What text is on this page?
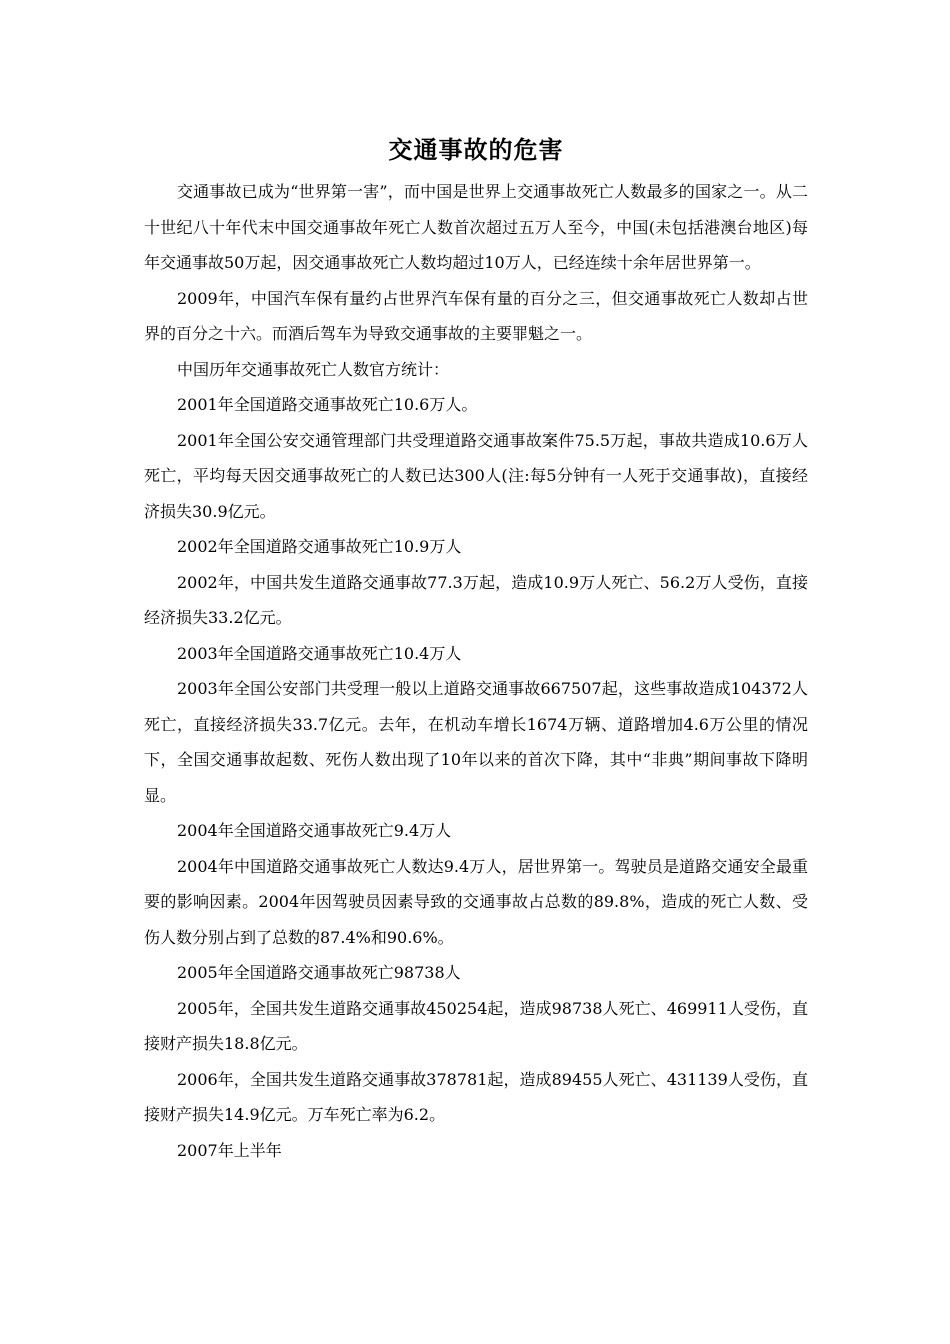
交通事故的危害

交通事故已成为“世界第一害”，而中国是世界上交通事故死亡人数最多的国家之一。从二十世纪八十年代末中国交通事故年死亡人数首次超过五万人至今，中国(未包括港澳台地区)每年交通事故50万起，因交通事故死亡人数均超过10万人，已经连续十余年居世界第一。

2009年，中国汽车保有量约占世界汽车保有量的百分之三，但交通事故死亡人数却占世界的百分之十六。而酒后驾车为导致交通事故的主要罪魁之一。

中国历年交通事故死亡人数官方统计：

2001年全国道路交通事故死亡10.6万人。

2001年全国公安交通管理部门共受理道路交通事故案件75.5万起，事故共造成10.6万人死亡，平均每天因交通事故死亡的人数已达300人(注:每5分钟有一人死于交通事故)，直接经济损失30.9亿元。

2002年全国道路交通事故死亡10.9万人

2002年，中国共发生道路交通事故77.3万起，造成10.9万人死亡、56.2万人受伤，直接经济损失33.2亿元。

2003年全国道路交通事故死亡10.4万人

2003年全国公安部门共受理一般以上道路交通事故667507起，这些事故造成104372人死亡，直接经济损失33.7亿元。去年，在机动车增长1674万辆、道路增加4.6万公里的情况下，全国交通事故起数、死伤人数出现了10年以来的首次下降，其中“非典”期间事故下降明显。

2004年全国道路交通事故死亡9.4万人

2004年中国道路交通事故死亡人数达9.4万人，居世界第一。驾驶员是道路交通安全最重要的影响因素。2004年因驾驶员因素导致的交通事故占总数的89.8%，造成的死亡人数、受伤人数分别占到了总数的87.4%和90.6%。

2005年全国道路交通事故死亡98738人

2005年，全国共发生道路交通事故450254起，造成98738人死亡、469911人受伤，直接财产损失18.8亿元。

2006年，全国共发生道路交通事故378781起，造成89455人死亡、431139人受伤，直接财产损失14.9亿元。万车死亡率为6.2。

2007年上半年
